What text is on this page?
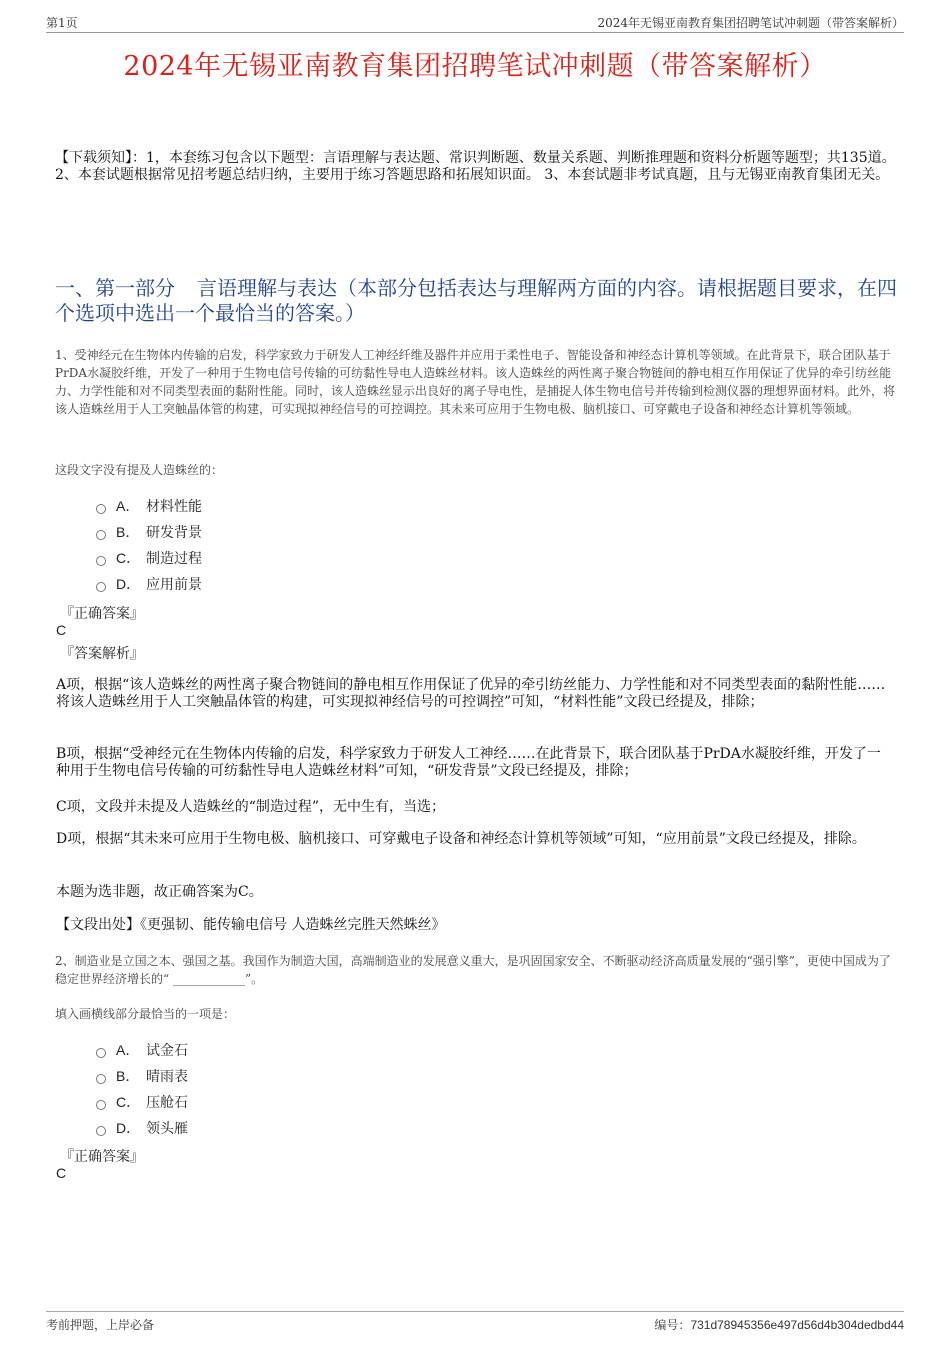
第1页	2024年无锡亚南教育集团招聘笔试冲刺题（带答案解析）
2024年无锡亚南教育集团招聘笔试冲刺题（带答案解析）
【下载须知】：1，本套练习包含以下题型：言语理解与表达题、常识判断题、数量关系题、判断推理题和资料分析题等题型；共135道。 2、本套试题根据常见招考题总结归纳，主要用于练习答题思路和拓展知识面。 3、本套试题非考试真题，且与无锡亚南教育集团无关。
一、第一部分 言语理解与表达（本部分包括表达与理解两方面的内容。请根据题目要求，在四个选项中选出一个最恰当的答案。）
1、受神经元在生物体内传输的启发，科学家致力于研发人工神经纤维及器件并应用于柔性电子、智能设备和神经态计算机等领域。在此背景下，联合团队基于PrDA水凝胶纤维，开发了一种用于生物电信号传输的可纺黏性导电人造蛛丝材料。该人造蛛丝的两性离子聚合物链间的静电相互作用保证了优异的牵引纺丝能力、力学性能和对不同类型表面的黏附性能。同时，该人造蛛丝显示出良好的离子导电性，是捕捉人体生物电信号并传输到检测仪器的理想界面材料。此外，将该人造蛛丝用于人工突触晶体管的构建，可实现拟神经信号的可控调控。其未来可应用于生物电极、脑机接口、可穿戴电子设备和神经态计算机等领域。
这段文字没有提及人造蛛丝的：
A． 材料性能
B． 研发背景
C． 制造过程
D． 应用前景
『正确答案』
C
『答案解析』
A项，根据“该人造蛛丝的两性离子聚合物链间的静电相互作用保证了优异的牵引纺丝能力、力学性能和对不同类型表面的黏附性能……将该人造蛛丝用于人工突触晶体管的构建，可实现拟神经信号的可控调控”可知，“材料性能”文段已经提及，排除；
B项，根据“受神经元在生物体内传输的启发，科学家致力于研发人工神经……在此背景下，联合团队基于PrDA水凝胶纤维，开发了一种用于生物电信号传输的可纺黏性导电人造蛛丝材料”可知，“研发背景”文段已经提及，排除；
C项，文段并未提及人造蛛丝的“制造过程”，无中生有，当选；
D项，根据“其未来可应用于生物电极、脑机接口、可穿戴电子设备和神经态计算机等领域”可知，“应用前景”文段已经提及，排除。
本题为选非题，故正确答案为C。
【文段出处】《更强韧、能传输电信号 人造蛛丝完胜天然蛛丝》
2、制造业是立国之本、强国之基。我国作为制造大国，高端制造业的发展意义重大，是巩固国家安全、不断驱动经济高质量发展的“强引擎”，更使中国成为了稳定世界经济增长的“ ____________”。
填入画横线部分最恰当的一项是：
A． 试金石
B． 晴雨表
C． 压舱石
D． 领头雁
『正确答案』
C
考前押题，上岸必备	编号：731d78945356e497d56d4b304dedbd44
